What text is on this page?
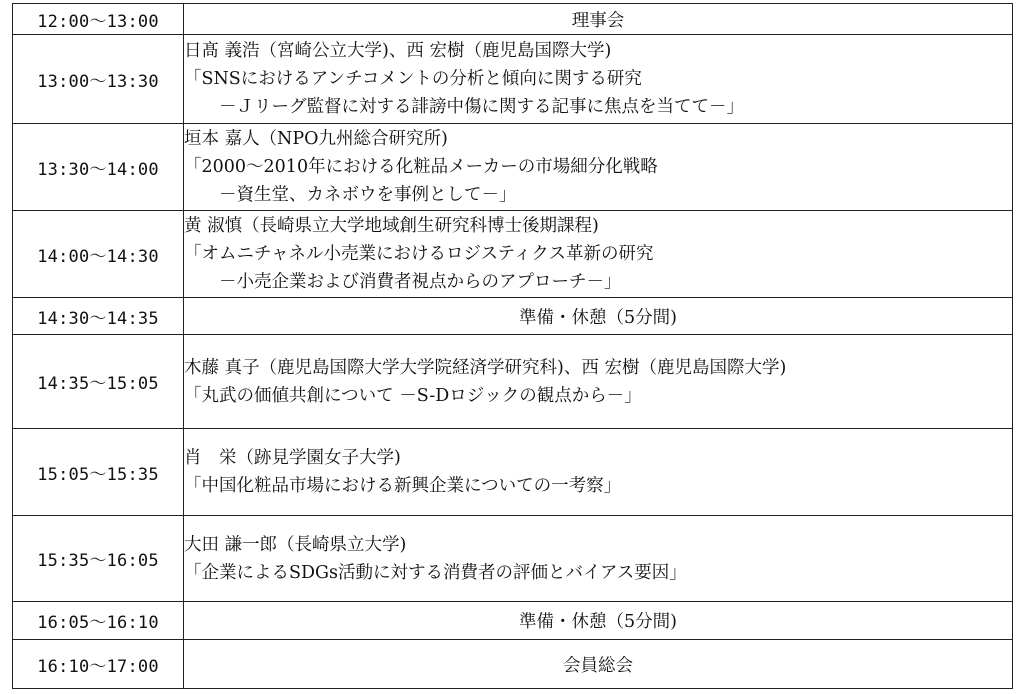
12:00〜13:00	理事会
13:00〜13:30	日髙 義浩（宮崎公立大学)、西 宏樹（鹿児島国際大学)
「SNSにおけるアンチコメントの分析と傾向に関する研究
－Ｊリーグ監督に対する誹謗中傷に関する記事に焦点を当てて－」

13:30〜14:00	垣本 嘉人（NPO九州総合研究所)
「2000〜2010年における化粧品メーカーの市場細分化戦略
－資生堂、カネボウを事例として－」

14:00〜14:30	黄 淑慎（長崎県立大学地域創生研究科博士後期課程)
「オムニチャネル小売業におけるロジスティクス革新の研究
－小売企業および消費者視点からのアプローチ－」

14:30〜14:35	準備・休憩（5分間)
14:35〜15:05	木藤 真子（鹿児島国際大学大学院経済学研究科)、西 宏樹（鹿児島国際大学)
「丸武の価値共創について －S-Dロジックの観点から－」

15:05〜15:35	肖　栄（跡見学園女子大学)
「中国化粧品市場における新興企業についての一考察」

15:35〜16:05	大田 謙一郎（長崎県立大学)
「企業によるSDGs活動に対する消費者の評価とバイアス要因」

16:05〜16:10	準備・休憩（5分間)
16:10〜17:00	会員総会
